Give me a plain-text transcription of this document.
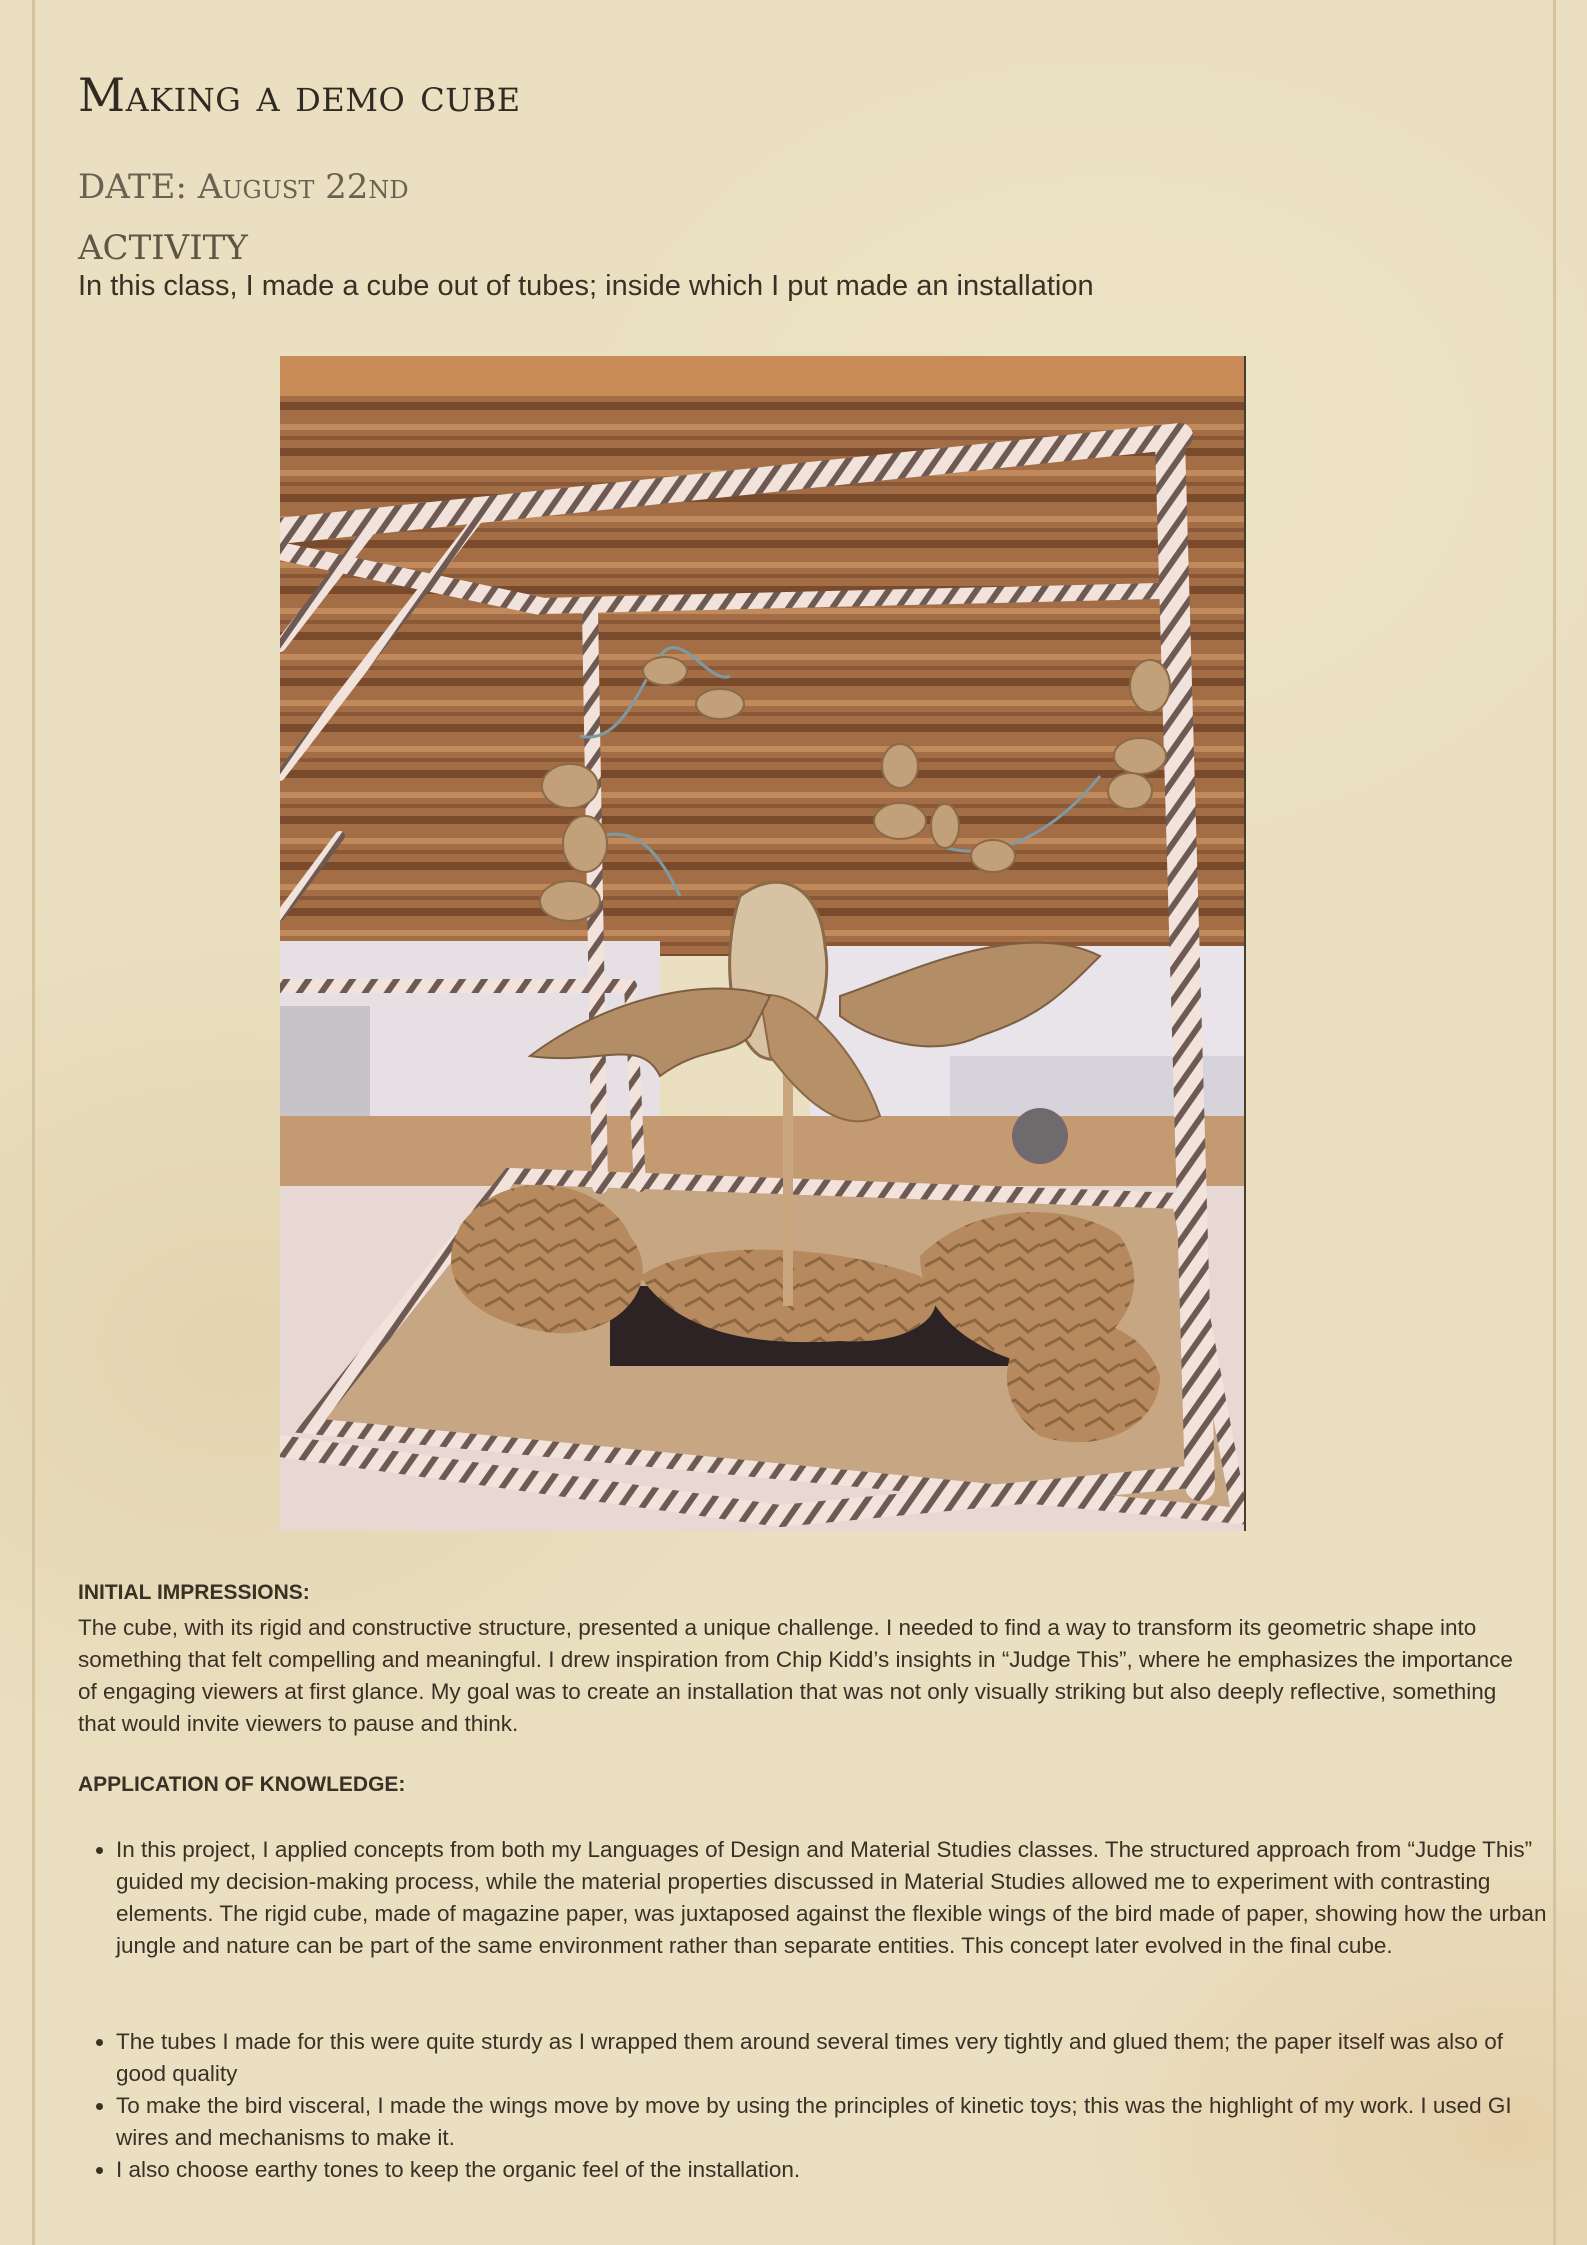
Making a demo cube
DATE: August 22nd
ACTIVITY
In this class, I made a cube out of tubes; inside which I put made an installation
INITIAL IMPRESSIONS:

The cube, with its rigid and constructive structure, presented a unique challenge. I needed to find a way to transform its geometric shape into something that felt compelling and meaningful. I drew inspiration from Chip Kidd’s insights in “Judge This”, where he emphasizes the importance of engaging viewers at first glance. My goal was to create an installation that was not only visually striking but also deeply reflective, something that would invite viewers to pause and think.

APPLICATION OF KNOWLEDGE:
• In this project, I applied concepts from both my Languages of Design and Material Studies classes. The structured approach from “Judge This” guided my decision-making process, while the material properties discussed in Material Studies allowed me to experiment with contrasting elements. The rigid cube, made of magazine paper, was juxtaposed against the flexible wings of the bird made of paper, showing how the urban jungle and nature can be part of the same environment rather than separate entities. This concept later evolved in the final cube.
• The tubes I made for this were quite sturdy as I wrapped them around several times very tightly and glued them; the paper itself was also of good quality
• To make the bird visceral, I made the wings move by move by using the principles of kinetic toys; this was the highlight of my work. I used GI wires and mechanisms to make it.
• I also choose earthy tones to keep the organic feel of the installation.
